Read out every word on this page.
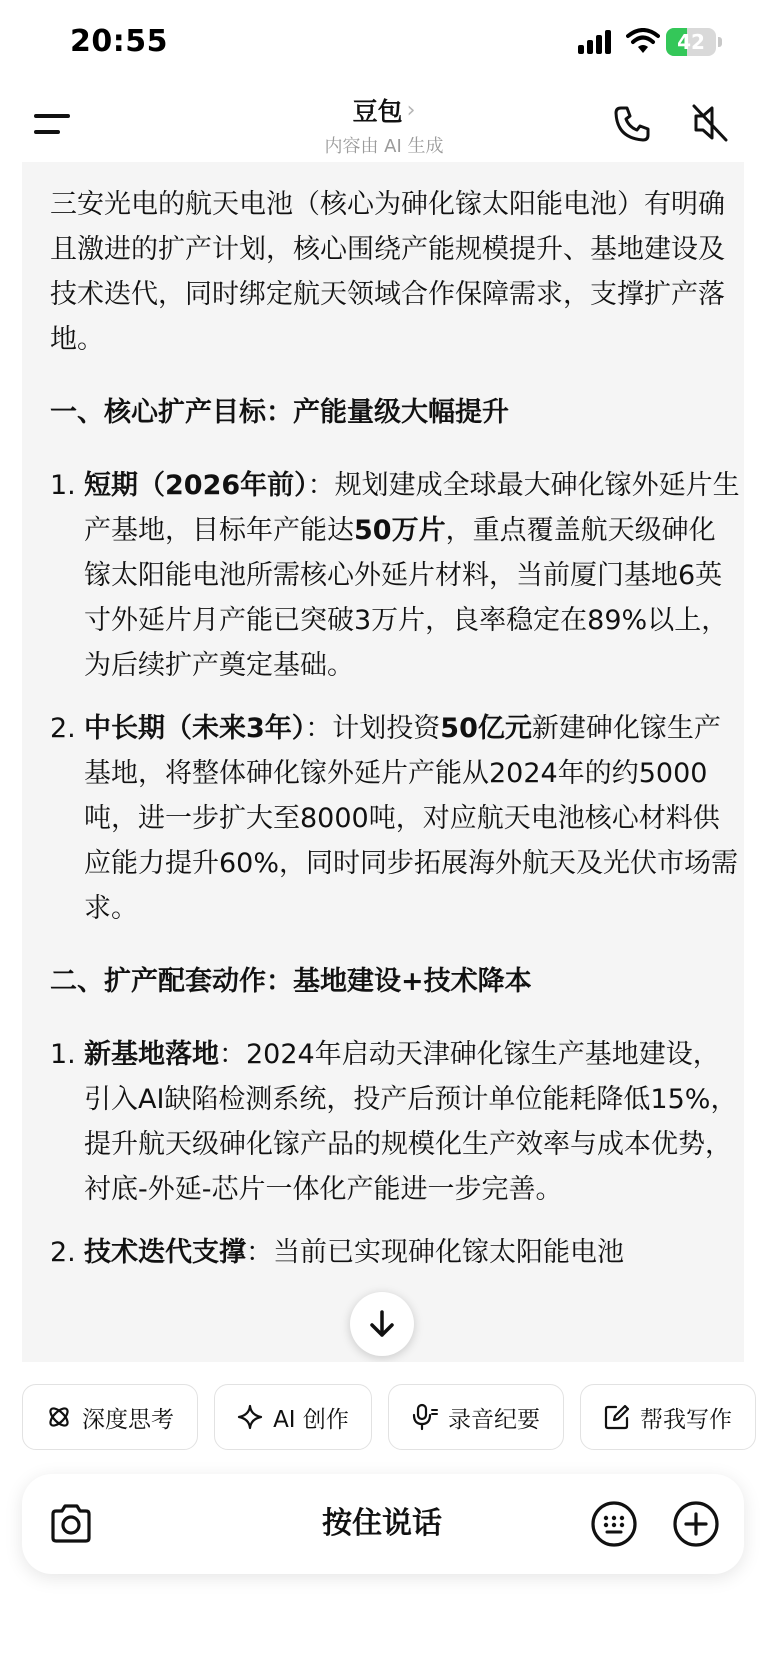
20:55	42
豆包 ›
内容由 AI 生成

三安光电的航天电池（核心为砷化镓太阳能电池）有明确且激进的扩产计划，核心围绕产能规模提升、基地建设及技术迭代，同时绑定航天领域合作保障需求，支撑扩产落地。

一、核心扩产目标：产能量级大幅提升
1. 短期（2026年前）：规划建成全球最大砷化镓外延片生产基地，目标年产能达50万片，重点覆盖航天级砷化镓太阳能电池所需核心外延片材料，当前厦门基地6英寸外延片月产能已突破3万片，良率稳定在89%以上，为后续扩产奠定基础。
2. 中长期（未来3年）：计划投资50亿元新建砷化镓生产基地，将整体砷化镓外延片产能从2024年的约5000吨，进一步扩大至8000吨，对应航天电池核心材料供应能力提升60%，同时同步拓展海外航天及光伏市场需求。
二、扩产配套动作：基地建设+技术降本
1. 新基地落地：2024年启动天津砷化镓生产基地建设，引入AI缺陷检测系统，投产后预计单位能耗降低15%，提升航天级砷化镓产品的规模化生产效率与成本优势，衬底-外延-芯片一体化产能进一步完善。
2. 技术迭代支撑：当前已实现砷化镓太阳能电池
深度思考	AI 创作	录音纪要	帮我写作
按住说话
